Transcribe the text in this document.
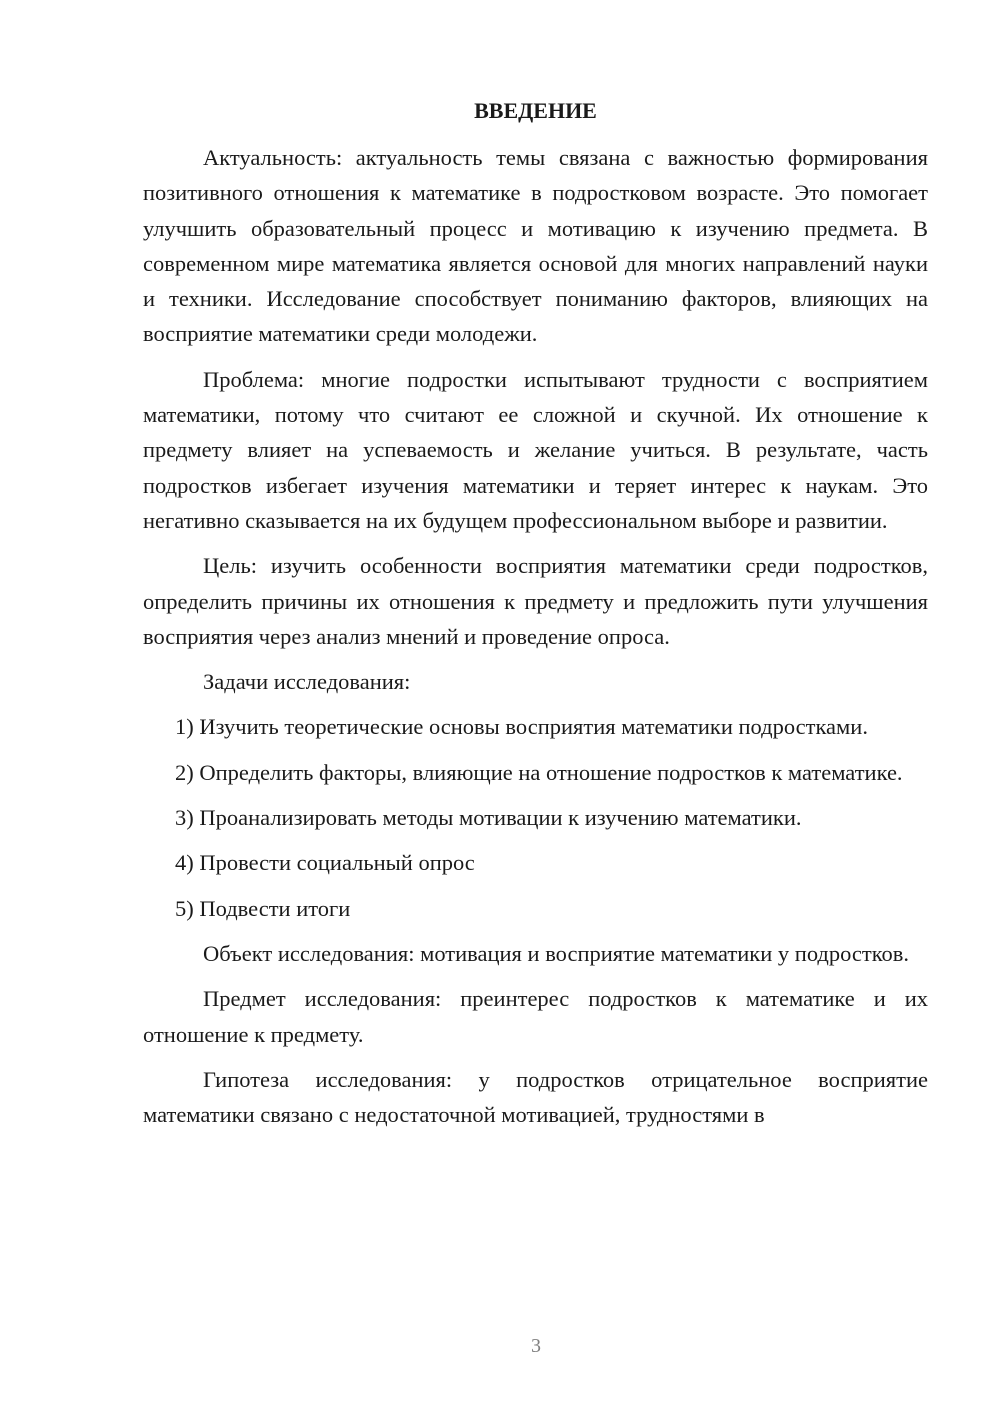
ВВЕДЕНИЕ

Актуальность: актуальность темы связана с важностью формирования позитивного отношения к математике в подростковом возрасте. Это помогает улучшить образовательный процесс и мотивацию к изучению предмета. В современном мире математика является основой для многих направлений науки и техники. Исследование способствует пониманию факторов, влияющих на восприятие математики среди молодежи.

Проблема: многие подростки испытывают трудности с восприятием математики, потому что считают ее сложной и скучной. Их отношение к предмету влияет на успеваемость и желание учиться. В результате, часть подростков избегает изучения математики и теряет интерес к наукам. Это негативно сказывается на их будущем профессиональном выборе и развитии.

Цель: изучить особенности восприятия математики среди подростков, определить причины их отношения к предмету и предложить пути улучшения восприятия через анализ мнений и проведение опроса.

Задачи исследования:

1) Изучить теоретические основы восприятия математики подростками.

2) Определить факторы, влияющие на отношение подростков к математике.

3) Проанализировать методы мотивации к изучению математики.

4) Провести социальный опрос

5) Подвести итоги

Объект исследования: мотивация и восприятие математики у подростков.

Предмет исследования: преинтерес подростков к математике и их отношение к предмету.

Гипотеза исследования: у подростков отрицательное восприятие математики связано с недостаточной мотивацией, трудностями в

3
